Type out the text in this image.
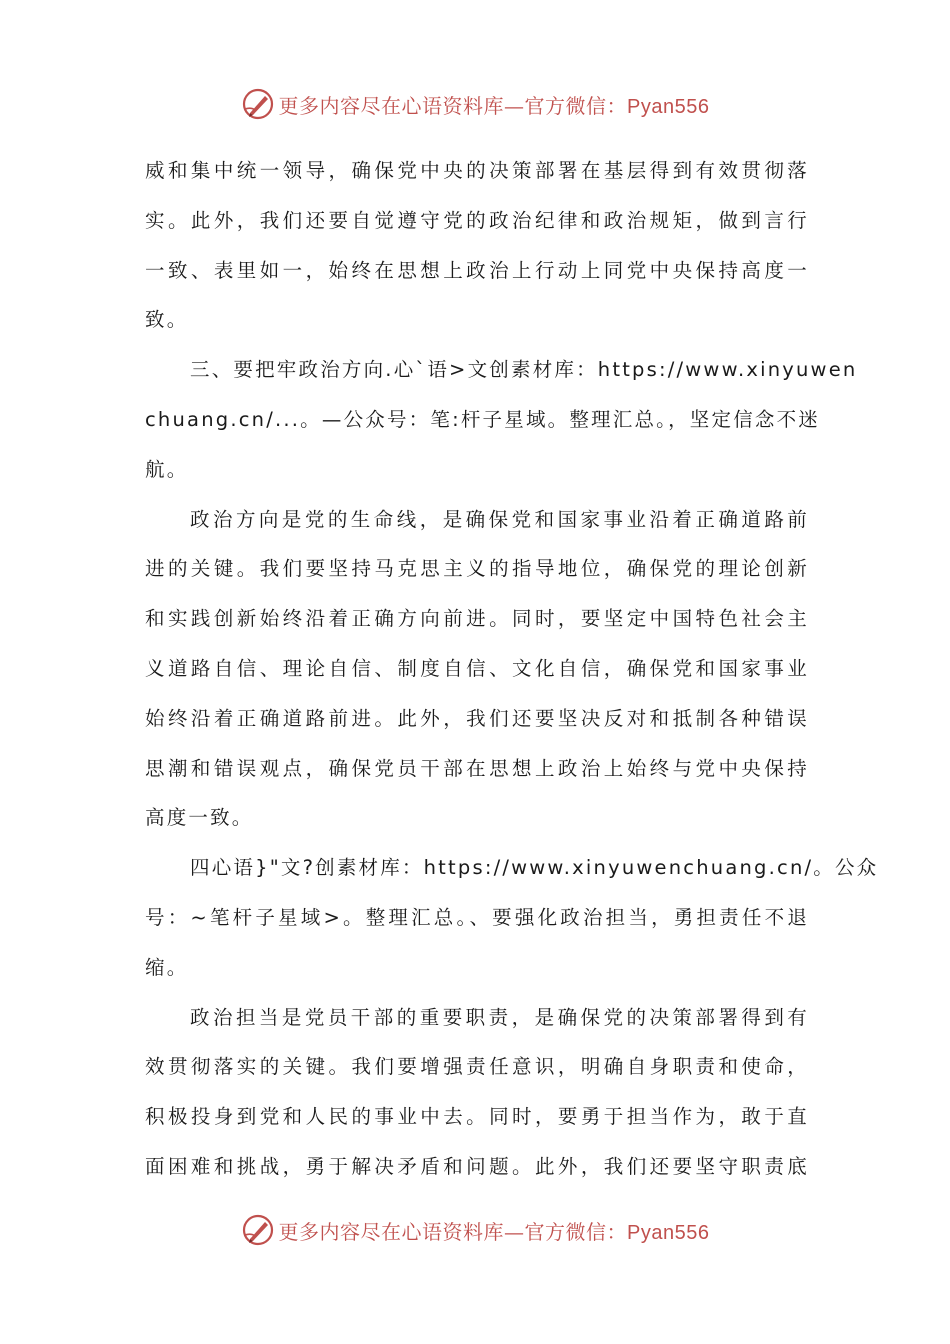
更多内容尽在心语资料库—官方微信：Pyan556
威和集中统一领导，确保党中央的决策部署在基层得到有效贯彻落
实。此外，我们还要自觉遵守党的政治纪律和政治规矩，做到言行
一致、表里如一，始终在思想上政治上行动上同党中央保持高度一
致。
三、要把牢政治方向.心`语>文创素材库：https://www.xinyuwen
chuang.cn/...。—公众号：笔:杆子星域。整理汇总。，坚定信念不迷
航。
政治方向是党的生命线，是确保党和国家事业沿着正确道路前
进的关键。我们要坚持马克思主义的指导地位，确保党的理论创新
和实践创新始终沿着正确方向前进。同时，要坚定中国特色社会主
义道路自信、理论自信、制度自信、文化自信，确保党和国家事业
始终沿着正确道路前进。此外，我们还要坚决反对和抵制各种错误
思潮和错误观点，确保党员干部在思想上政治上始终与党中央保持
高度一致。
四心语}"文?创素材库：https://www.xinyuwenchuang.cn/。公众
号：~笔杆子星域>。整理汇总。、要强化政治担当，勇担责任不退
缩。
政治担当是党员干部的重要职责，是确保党的决策部署得到有
效贯彻落实的关键。我们要增强责任意识，明确自身职责和使命，
积极投身到党和人民的事业中去。同时，要勇于担当作为，敢于直
面困难和挑战，勇于解决矛盾和问题。此外，我们还要坚守职责底
更多内容尽在心语资料库—官方微信：Pyan556
